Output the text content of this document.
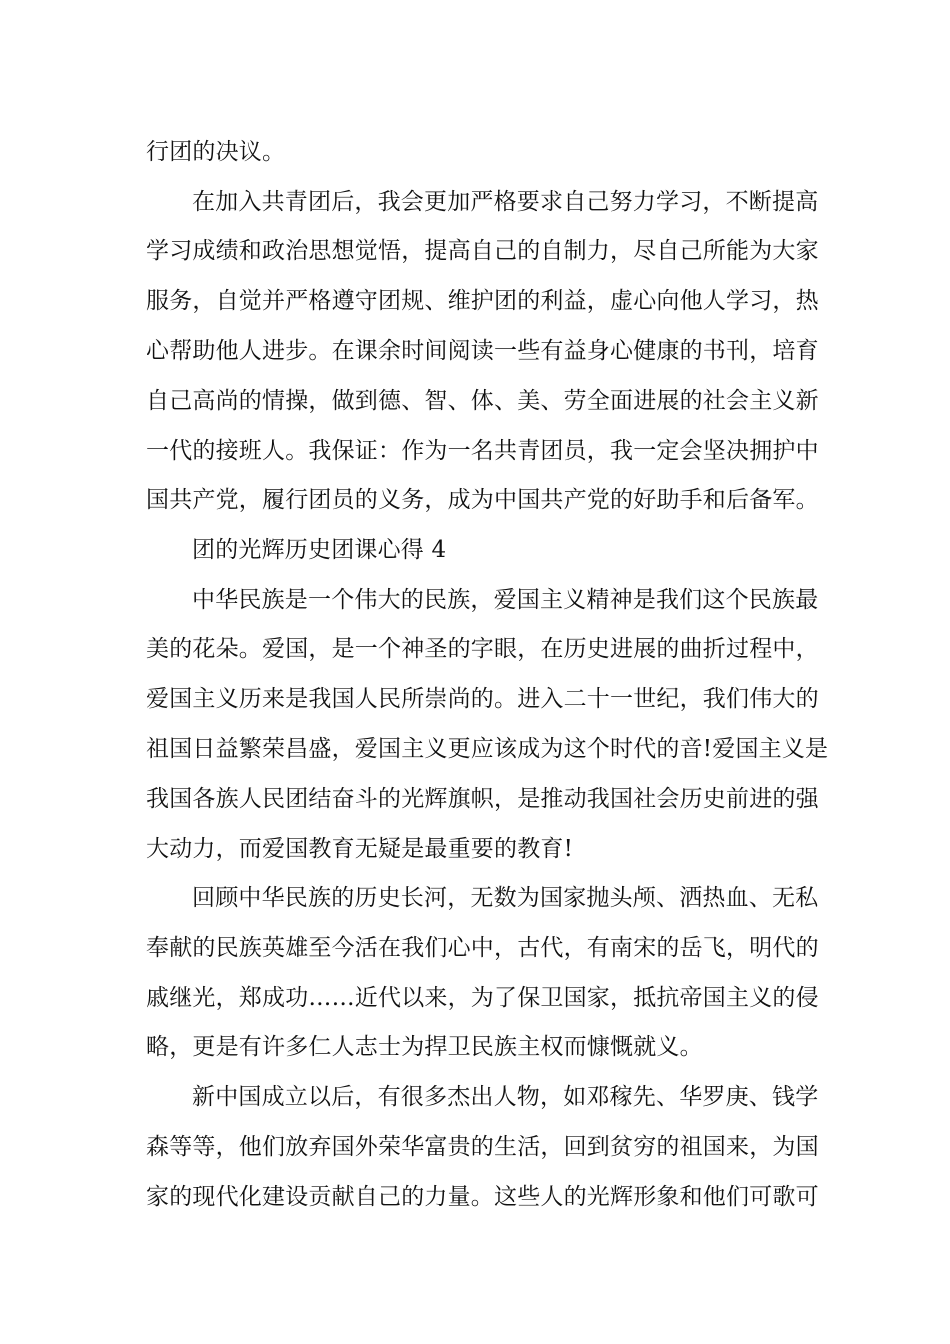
行团的决议。
在加入共青团后，我会更加严格要求自己努力学习，不断提高
学习成绩和政治思想觉悟，提高自己的自制力，尽自己所能为大家
服务，自觉并严格遵守团规、维护团的利益，虚心向他人学习，热
心帮助他人进步。在课余时间阅读一些有益身心健康的书刊，培育
自己高尚的情操，做到德、智、体、美、劳全面进展的社会主义新
一代的接班人。我保证：作为一名共青团员，我一定会坚决拥护中
国共产党，履行团员的义务，成为中国共产党的好助手和后备军。
团的光辉历史团课心得 4
中华民族是一个伟大的民族，爱国主义精神是我们这个民族最
美的花朵。爱国，是一个神圣的字眼，在历史进展的曲折过程中，
爱国主义历来是我国人民所崇尚的。进入二十一世纪，我们伟大的
祖国日益繁荣昌盛，爱国主义更应该成为这个时代的音!爱国主义是
我国各族人民团结奋斗的光辉旗帜，是推动我国社会历史前进的强
大动力，而爱国教育无疑是最重要的教育!
回顾中华民族的历史长河，无数为国家抛头颅、洒热血、无私
奉献的民族英雄至今活在我们心中，古代，有南宋的岳飞，明代的
戚继光，郑成功……近代以来，为了保卫国家，抵抗帝国主义的侵
略，更是有许多仁人志士为捍卫民族主权而慷慨就义。
新中国成立以后，有很多杰出人物，如邓稼先、华罗庚、钱学
森等等，他们放弃国外荣华富贵的生活，回到贫穷的祖国来，为国
家的现代化建设贡献自己的力量。这些人的光辉形象和他们可歌可
